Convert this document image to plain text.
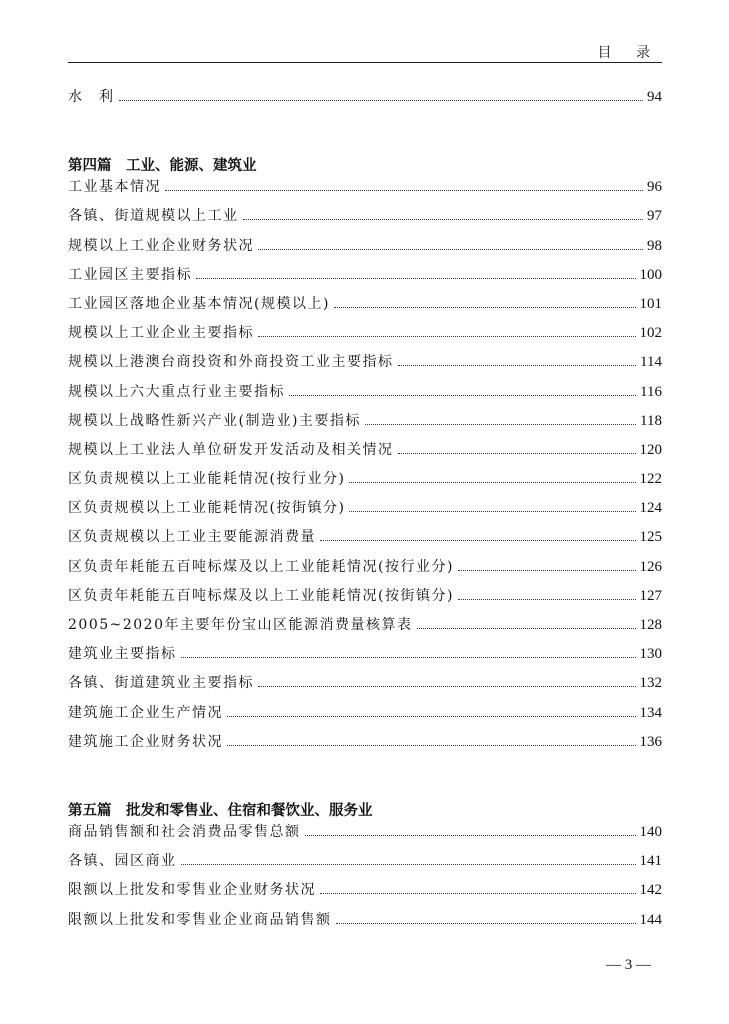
目 录
水　利	94
第四篇　工业、能源、建筑业
工业基本情况	96
各镇、街道规模以上工业	97
规模以上工业企业财务状况	98
工业园区主要指标	100
工业园区落地企业基本情况(规模以上)	101
规模以上工业企业主要指标	102
规模以上港澳台商投资和外商投资工业主要指标	114
规模以上六大重点行业主要指标	116
规模以上战略性新兴产业(制造业)主要指标	118
规模以上工业法人单位研发开发活动及相关情况	120
区负责规模以上工业能耗情况(按行业分)	122
区负责规模以上工业能耗情况(按街镇分)	124
区负责规模以上工业主要能源消费量	125
区负责年耗能五百吨标煤及以上工业能耗情况(按行业分)	126
区负责年耗能五百吨标煤及以上工业能耗情况(按街镇分)	127
2005~2020年主要年份宝山区能源消费量核算表	128
建筑业主要指标	130
各镇、街道建筑业主要指标	132
建筑施工企业生产情况	134
建筑施工企业财务状况	136
第五篇　批发和零售业、住宿和餐饮业、服务业
商品销售额和社会消费品零售总额	140
各镇、园区商业	141
限额以上批发和零售业企业财务状况	142
限额以上批发和零售业企业商品销售额	144
— 3 —
